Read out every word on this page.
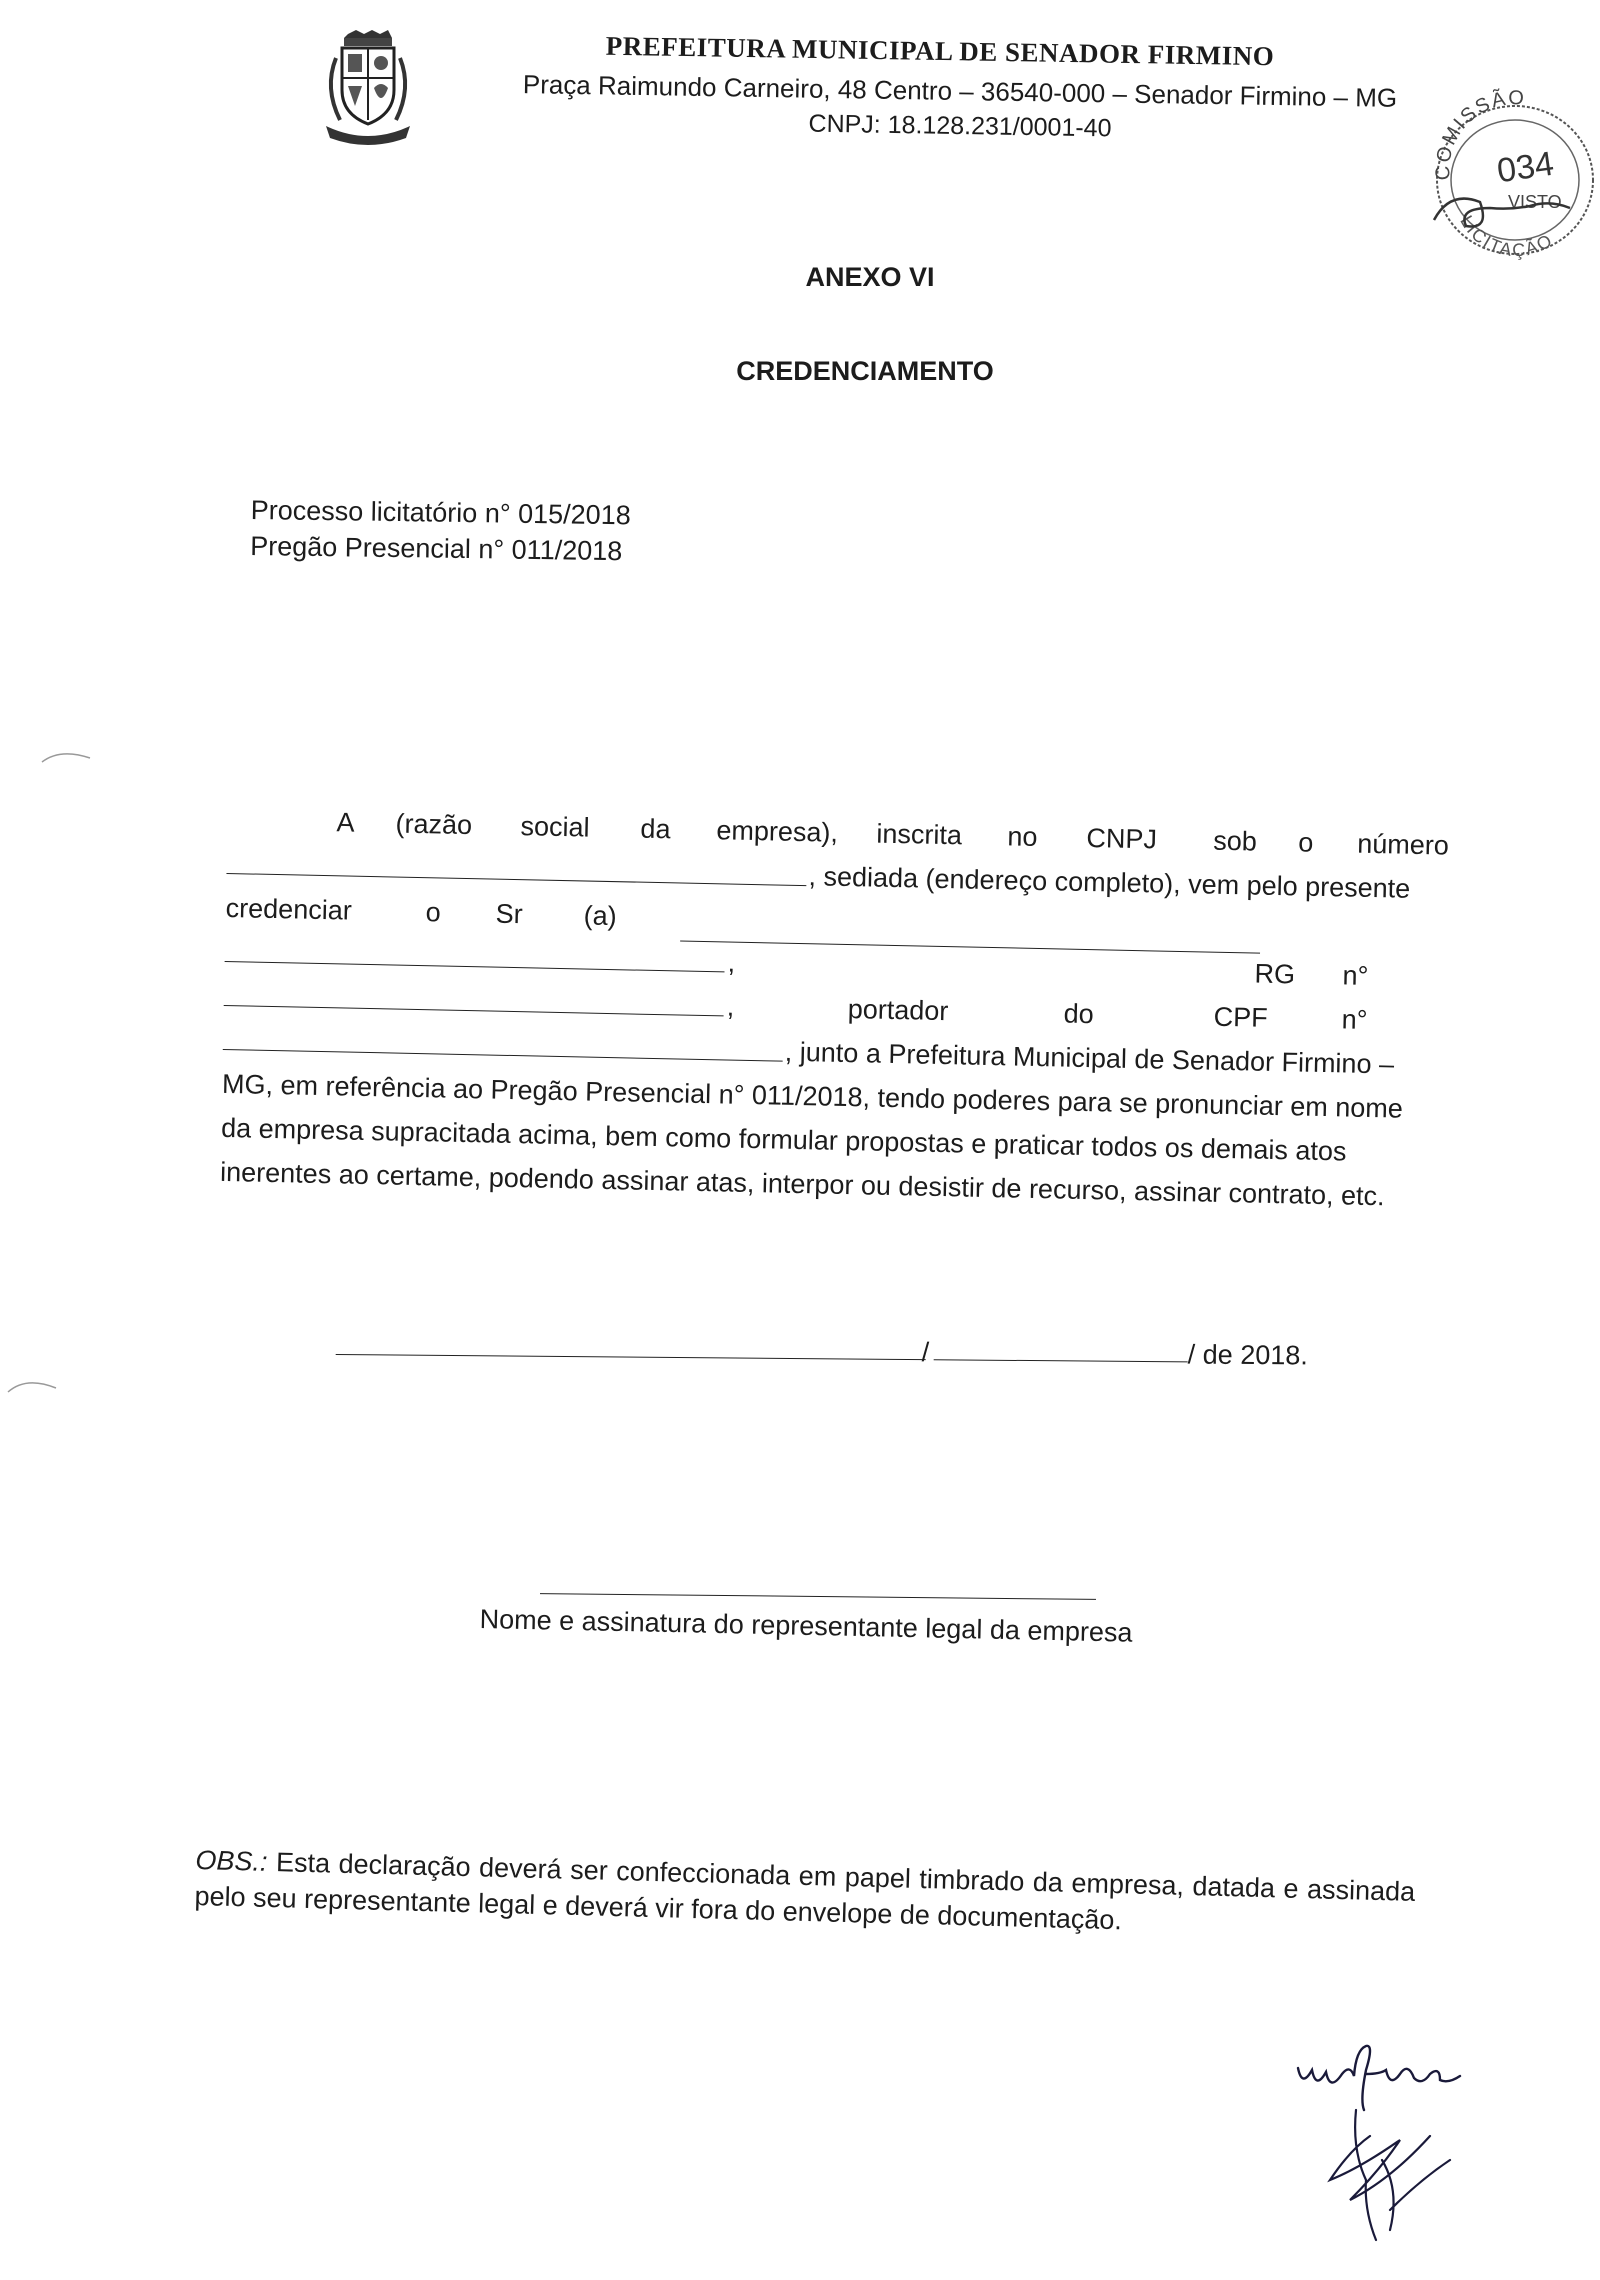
PREFEITURA MUNICIPAL DE SENADOR FIRMINO
Praça Raimundo Carneiro, 48 Centro – 36540-000 – Senador Firmino – MG
CNPJ: 18.128.231/0001-40
COMISSÃO
034
VISTO
LICITAÇÃO
ANEXO VI
CREDENCIAMENTO
Processo licitatório n° 015/2018
Pregão Presencial n° 011/2018
A (razão social da empresa), inscrita no CNPJ sob o número
, sediada (endereço completo), vem pelo presente
credenciar	o Sr (a)
,	RG n°
,	portador	do	CPF	n°
, junto a Prefeitura Municipal de Senador Firmino –
MG, em referência ao Pregão Presencial n° 011/2018, tendo poderes para se pronunciar em nome
da empresa supracitada acima, bem como formular propostas e praticar todos os demais atos
inerentes ao certame, podendo assinar atas, interpor ou desistir de recurso, assinar contrato, etc.
/	/ de 2018.
Nome e assinatura do representante legal da empresa
OBS.: Esta declaração deverá ser confeccionada em papel timbrado da empresa, datada e assinada pelo seu representante legal e deverá vir fora do envelope de documentação.
